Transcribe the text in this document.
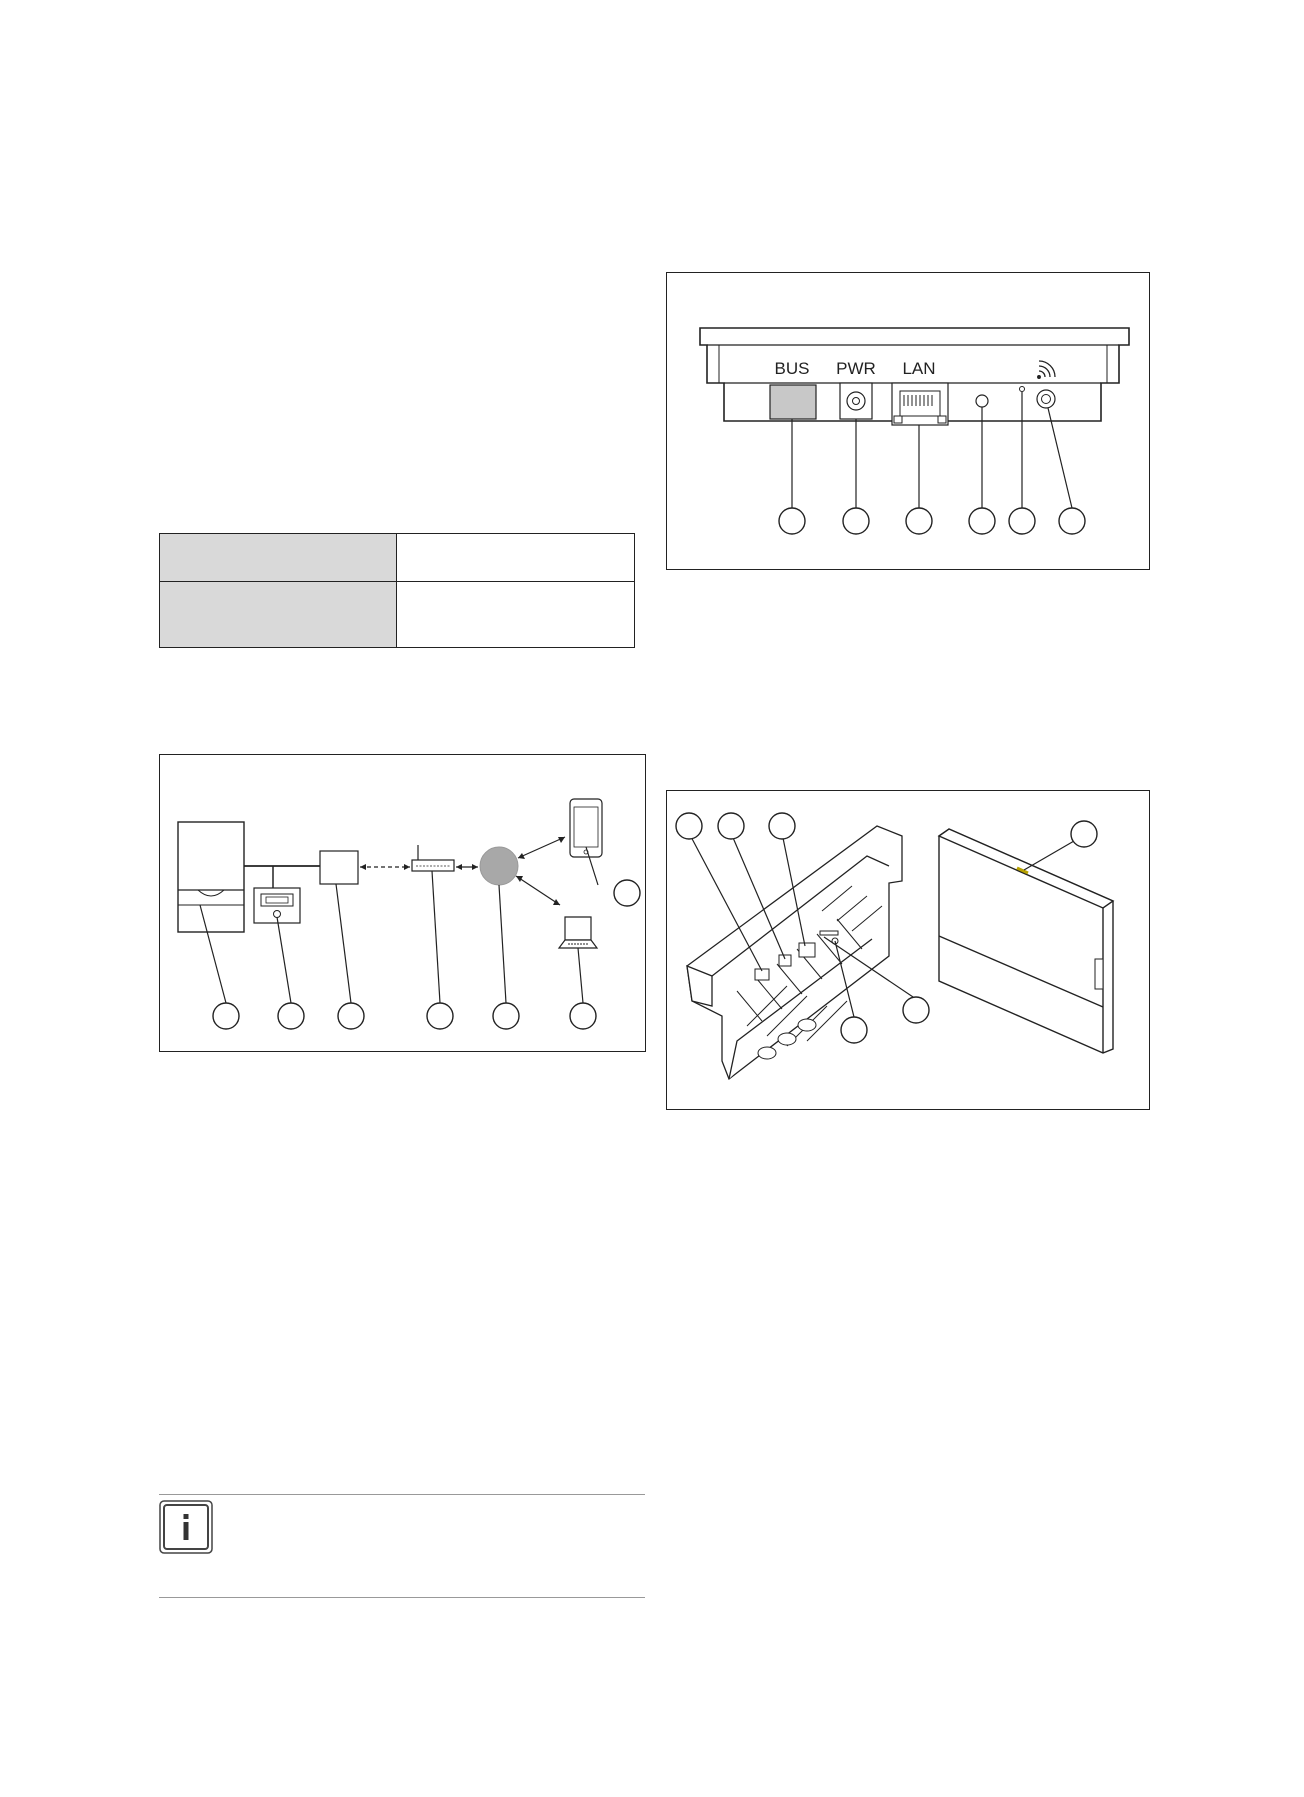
BUS PWR LAN
